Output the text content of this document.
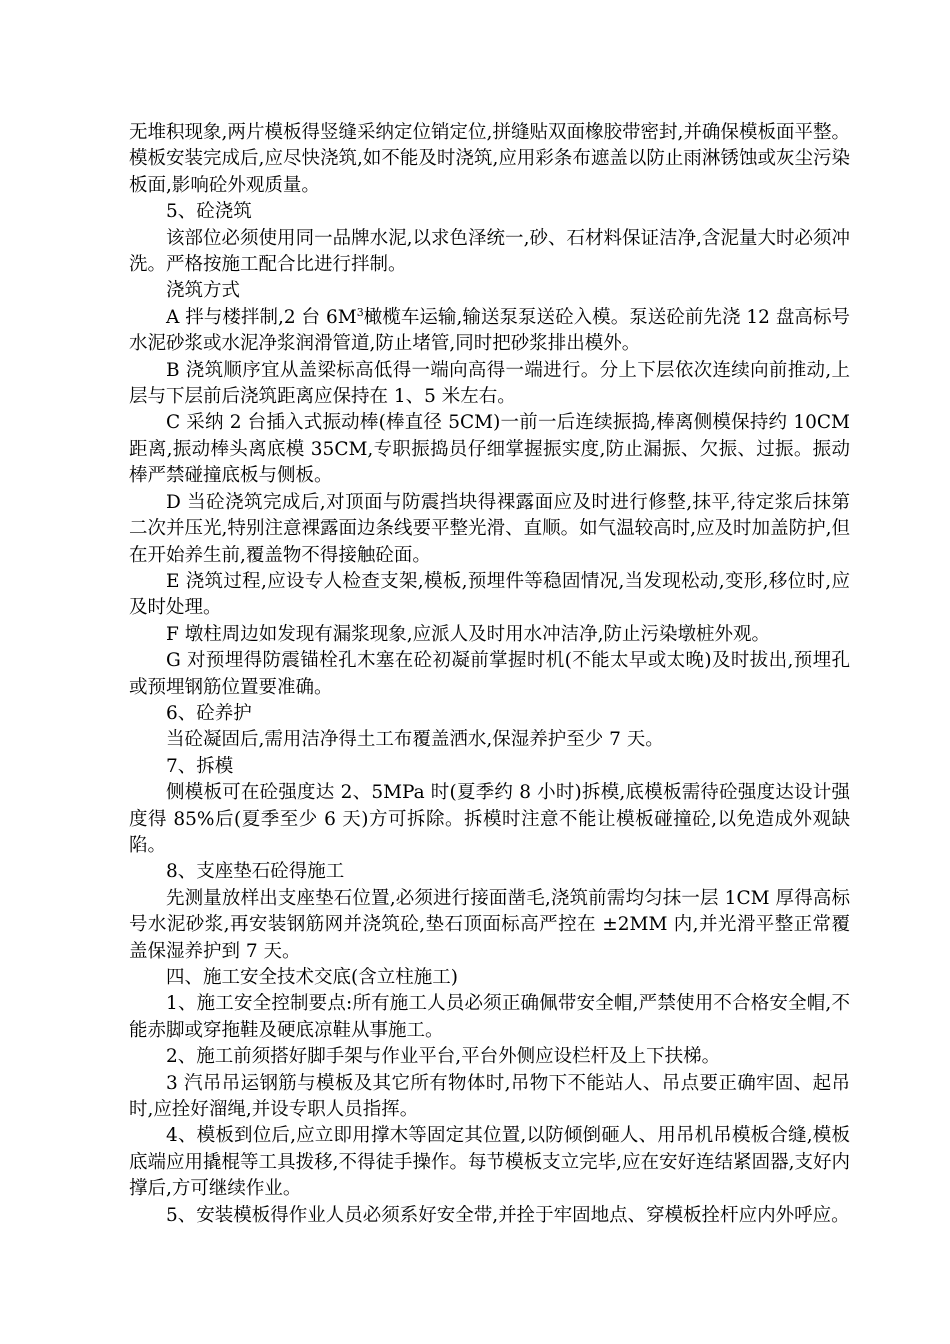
无堆积现象,两片模板得竖缝采纳定位销定位,拼缝贴双面橡胶带密封,并确保模板面平整。模板安装完成后,应尽快浇筑,如不能及时浇筑,应用彩条布遮盖以防止雨淋锈蚀或灰尘污染板面,影响砼外观质量。

5、砼浇筑

该部位必须使用同一品牌水泥,以求色泽统一,砂、石材料保证洁净,含泥量大时必须冲洗。严格按施工配合比进行拌制。

浇筑方式

A 拌与楼拌制,2 台 $6M^3$橄榄车运输,输送泵泵送砼入模。泵送砼前先浇 12 盘高标号水泥砂浆或水泥净浆润滑管道,防止堵管,同时把砂浆排出模外。

B 浇筑顺序宜从盖梁标高低得一端向高得一端进行。分上下层依次连续向前推动,上层与下层前后浇筑距离应保持在 1、5 米左右。

C 采纳 2 台插入式振动棒(棒直径 5CM)一前一后连续振捣,棒离侧模保持约 10CM 距离,振动棒头离底模 35CM,专职振捣员仔细掌握振实度,防止漏振、欠振、过振。振动棒严禁碰撞底板与侧板。

D 当砼浇筑完成后,对顶面与防震挡块得裸露面应及时进行修整,抹平,待定浆后抹第二次并压光,特别注意裸露面边条线要平整光滑、直顺。如气温较高时,应及时加盖防护,但在开始养生前,覆盖物不得接触砼面。

E 浇筑过程,应设专人检查支架,模板,预埋件等稳固情况,当发现松动,变形,移位时,应及时处理。

F 墩柱周边如发现有漏浆现象,应派人及时用水冲洁净,防止污染墩桩外观。

G 对预埋得防震锚栓孔木塞在砼初凝前掌握时机(不能太早或太晚)及时拔出,预埋孔或预埋钢筋位置要准确。

6、砼养护

当砼凝固后,需用洁净得土工布覆盖洒水,保湿养护至少 7 天。

7、拆模

侧模板可在砼强度达 2、5MPa 时(夏季约 8 小时)拆模,底模板需待砼强度达设计强度得 85%后(夏季至少 6 天)方可拆除。拆模时注意不能让模板碰撞砼,以免造成外观缺陷。

8、支座垫石砼得施工

先测量放样出支座垫石位置,必须进行接面凿毛,浇筑前需均匀抹一层 1CM 厚得高标号水泥砂浆,再安装钢筋网并浇筑砼,垫石顶面标高严控在 ±2MM 内,并光滑平整正常覆盖保湿养护到 7 天。

四、施工安全技术交底(含立柱施工)

1、施工安全控制要点:所有施工人员必须正确佩带安全帽,严禁使用不合格安全帽,不能赤脚或穿拖鞋及硬底凉鞋从事施工。

2、施工前须搭好脚手架与作业平台,平台外侧应设栏杆及上下扶梯。

3 汽吊吊运钢筋与模板及其它所有物体时,吊物下不能站人、吊点要正确牢固、起吊时,应拴好溜绳,并设专职人员指挥。

4、模板到位后,应立即用撑木等固定其位置,以防倾倒砸人、用吊机吊模板合缝,模板底端应用撬棍等工具拨移,不得徒手操作。每节模板支立完毕,应在安好连结紧固器,支好内撑后,方可继续作业。

5、安装模板得作业人员必须系好安全带,并拴于牢固地点、穿模板拴杆应内外呼应。
